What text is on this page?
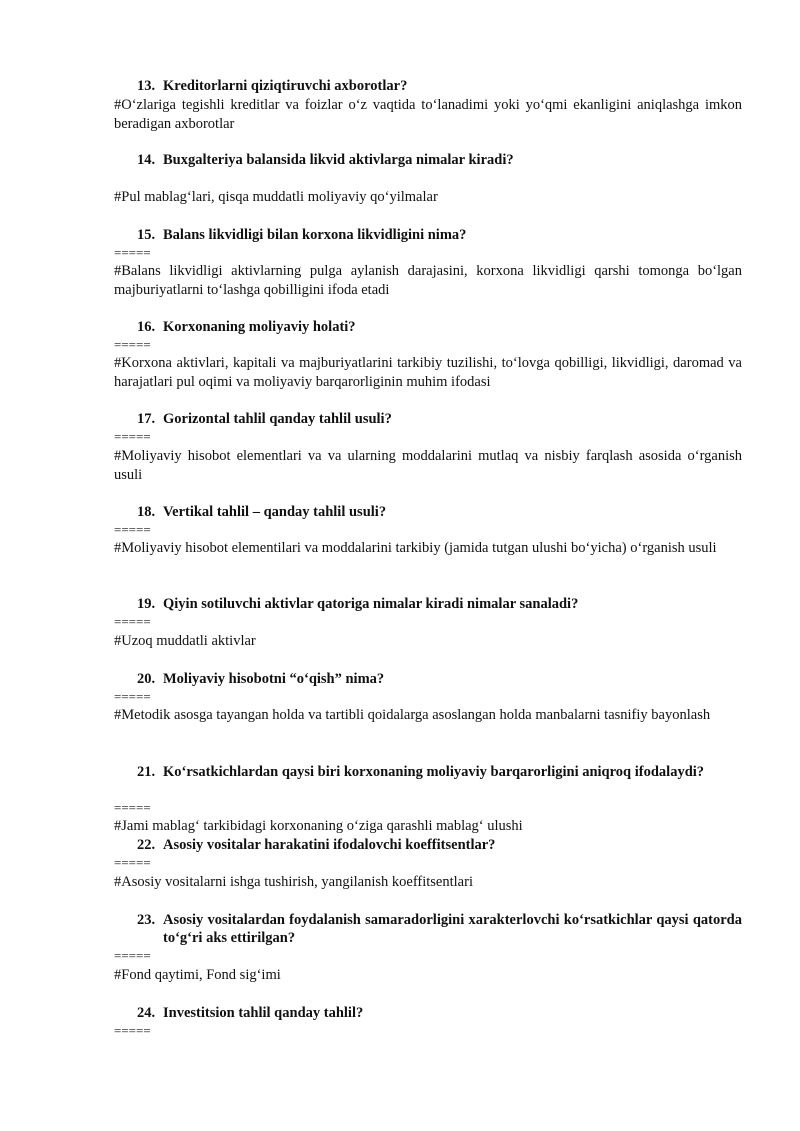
13. Kreditorlarni qiziqtiruvchi axborotlar?
#O‘zlariga tegishli kreditlar va foizlar o‘z vaqtida to‘lanadimi yoki yo‘qmi ekanligini aniqlashga imkon beradigan axborotlar
14. Buxgalteriya balansida likvid aktivlarga nimalar kiradi?
#Pul mablag‘lari, qisqa muddatli moliyaviy qo‘yilmalar
15. Balans likvidligi bilan korxona likvidligini nima?
=====
#Balans likvidligi aktivlarning pulga aylanish darajasini, korxona likvidligi qarshi tomonga bo‘lgan majburiyatlarni to‘lashga qobilligini ifoda etadi
16. Korxonaning moliyaviy holati?
=====
#Korxona aktivlari, kapitali va majburiyatlarini tarkibiy tuzilishi, to‘lovga qobilligi, likvidligi, daromad va harajatlari pul oqimi va moliyaviy barqarorliginin muhim ifodasi
17. Gorizontal tahlil qanday tahlil usuli?
=====
#Moliyaviy hisobot elementlari va va ularning moddalarini mutlaq va nisbiy farqlash asosida o‘rganish usuli
18. Vertikal tahlil – qanday tahlil usuli?
=====
#Moliyaviy hisobot elementilari va moddalarini tarkibiy (jamida tutgan ulushi bo‘yicha) o‘rganish usuli
19. Qiyin sotiluvchi aktivlar qatoriga nimalar kiradi nimalar sanaladi?
=====
#Uzoq muddatli aktivlar
20. Moliyaviy hisobotni “o‘qish” nima?
=====
#Metodik asosga tayangan holda va tartibli qoidalarga asoslangan holda manbalarni tasnifiy bayonlash
21. Ko‘rsatkichlardan qaysi biri korxonaning moliyaviy barqarorligini aniqroq ifodalaydi?
=====
#Jami mablag‘ tarkibidagi korxonaning o‘ziga qarashli mablag‘ ulushi
22. Asosiy vositalar harakatini ifodalovchi koeffitsentlar?
=====
#Asosiy vositalarni ishga tushirish, yangilanish koeffitsentlari
23. Asosiy vositalardan foydalanish samaradorligini xarakterlovchi ko‘rsatkichlar qaysi qatorda to‘g‘ri aks ettirilgan?
=====
#Fond qaytimi, Fond sig‘imi
24. Investitsion tahlil qanday tahlil?
=====
